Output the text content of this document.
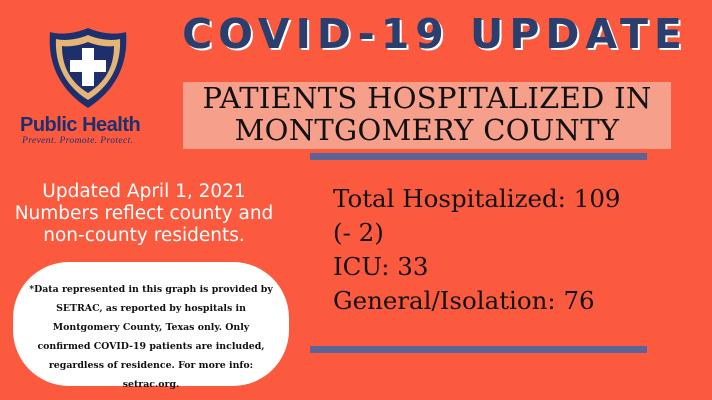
Public Health
Prevent. Promote. Protect.
COVID-19 UPDATE
PATIENTS HOSPITALIZED IN MONTGOMERY COUNTY
Updated April 1, 2021 Numbers reflect county and non-county residents.
*Data represented in this graph is provided by SETRAC, as reported by hospitals in Montgomery County, Texas only. Only confirmed COVID-19 patients are included, regardless of residence. For more info: setrac.org.
Total Hospitalized: 109
(- 2)
ICU: 33
General/Isolation: 76
